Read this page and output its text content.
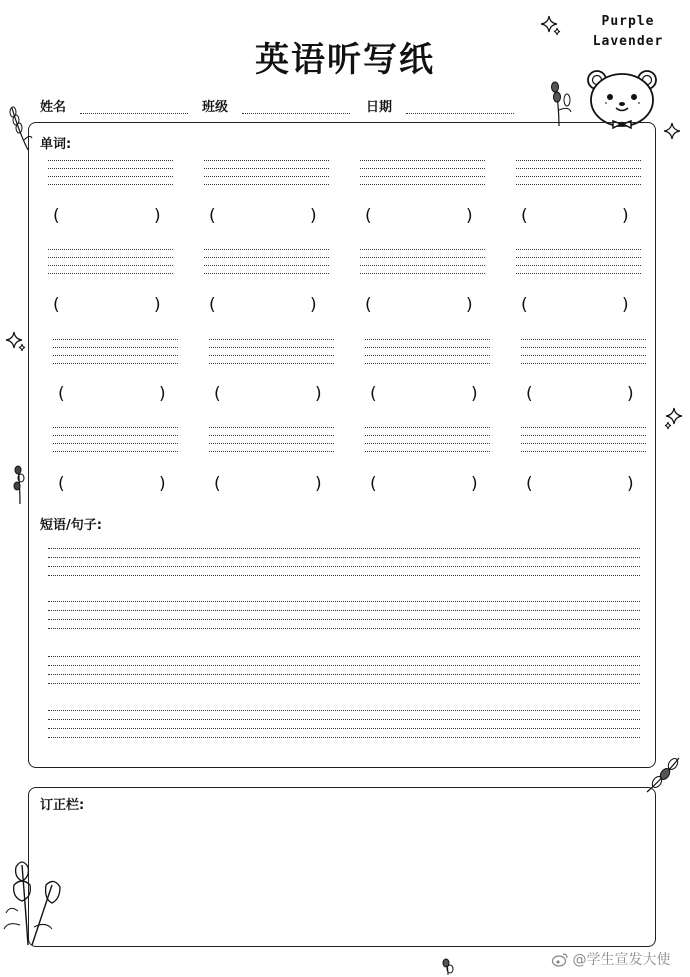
英语听写纸
Purple
Lavender
姓名	班级	日期
单词:
(	)	(	)	(	)	(	)
(	)	(	)	(	)	(	)
(	)	(	)	(	)	(	)
(	)	(	)	(	)	(	)
短语/句子:
订正栏:
@学生宣发大使
